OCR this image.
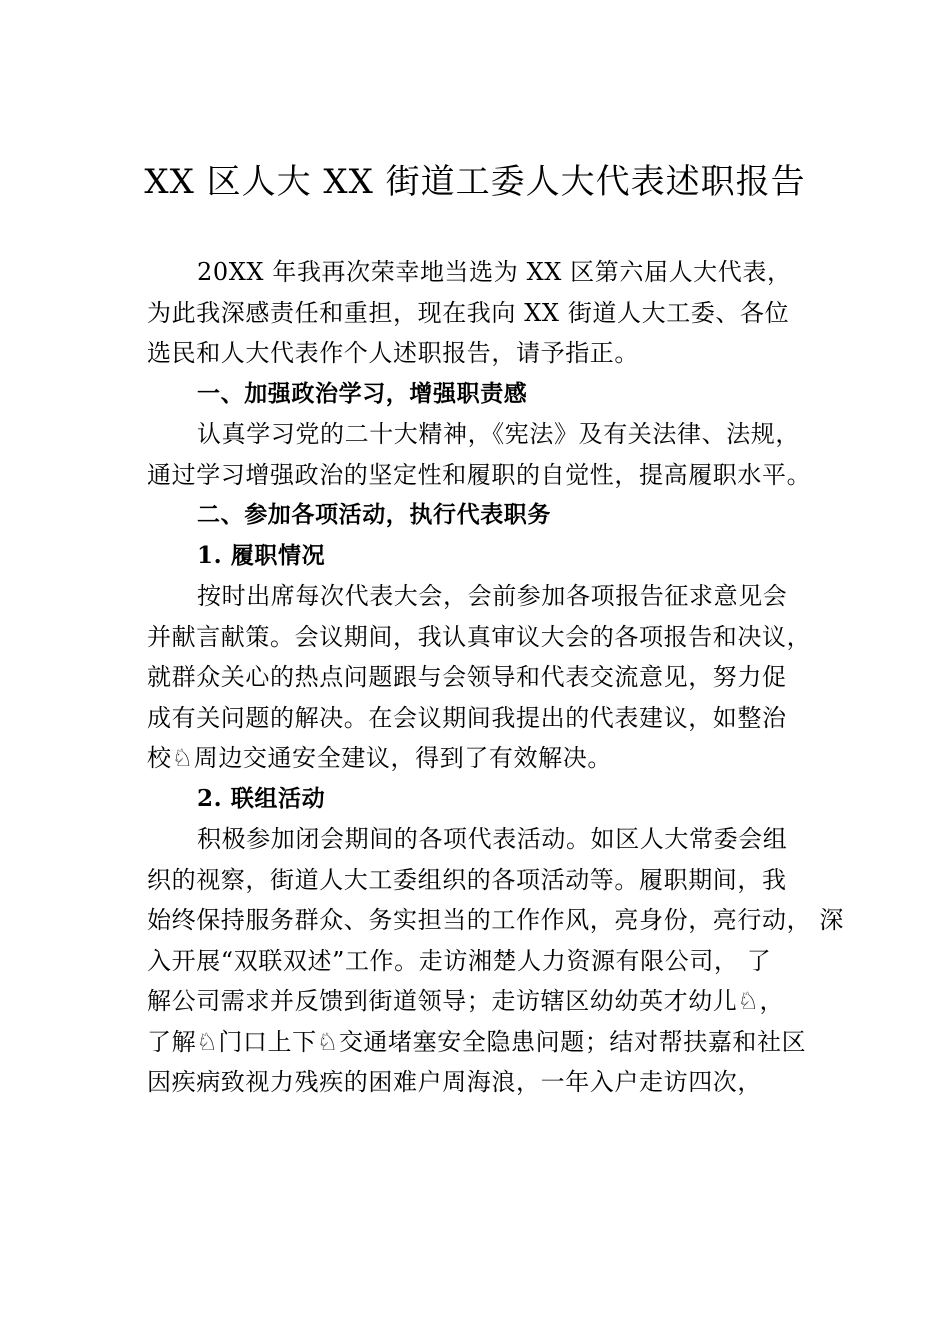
XX 区人大 XX 街道工委人大代表述职报告
20XX 年我再次荣幸地当选为 XX 区第六届人大代表，
为此我深感责任和重担，现在我向 XX 街道人大工委、各位
选民和人大代表作个人述职报告，请予指正。
一、加强政治学习，增强职责感
认真学习党的二十大精神，《宪法》及有关法律、法规，
通过学习增强政治的坚定性和履职的自觉性，提高履职水平。
二、参加各项活动，执行代表职务
1. 履职情况
按时出席每次代表大会，会前参加各项报告征求意见会
并献言献策。会议期间，我认真审议大会的各项报告和决议，
就群众关心的热点问题跟与会领导和代表交流意见，努力促
成有关问题的解决。在会议期间我提出的代表建议，如整治
校♘周边交通安全建议，得到了有效解决。
2. 联组活动
积极参加闭会期间的各项代表活动。如区人大常委会组
织的视察，街道人大工委组织的各项活动等。履职期间，我
始终保持服务群众、务实担当的工作作风，亮身份，亮行动， 深
入开展“双联双述”工作。走访湘楚人力资源有限公司， 了
解公司需求并反馈到街道领导；走访辖区幼幼英才幼儿♘，
了解♘门口上下♘交通堵塞安全隐患问题；结对帮扶嘉和社区
因疾病致视力残疾的困难户周海浪，一年入户走访四次，
